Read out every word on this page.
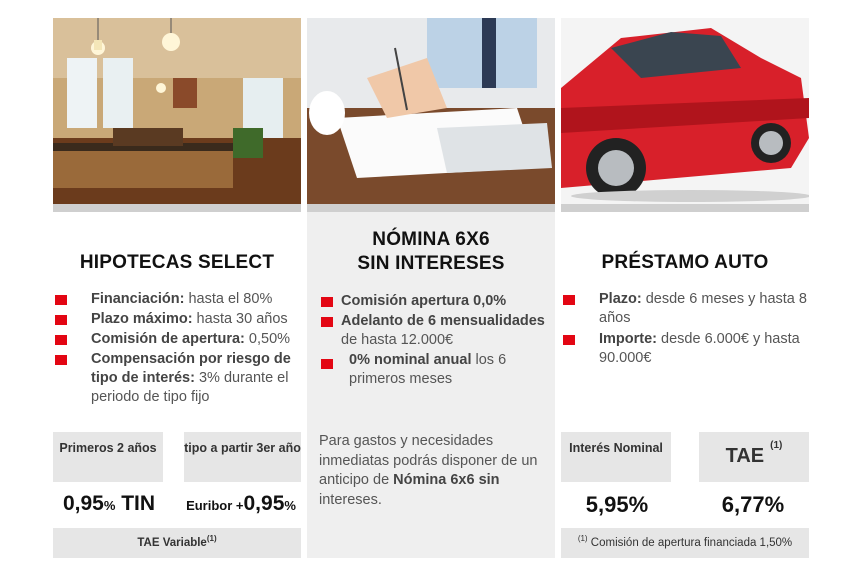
HIPOTECAS SELECT
Financiación: hasta el 80%
Plazo máximo: hasta 30 años
Comisión de apertura: 0,50%
Compensación por riesgo de tipo de interés: 3% durante el periodo de tipo fijo
Primeros 2 años	tipo a partir 3er año
0,95% TIN	Euribor +0,95%
TAE Variable$^{(1)}$
NÓMINA 6X6
SIN INTERESES
Comisión apertura 0,0%
Adelanto de 6 mensualidades de hasta 12.000€
0% nominal anual los 6 primeros meses
Para gastos y necesidades inmediatas podrás disponer de un anticipo de Nómina 6x6 sin intereses.
PRÉSTAMO AUTO
Plazo: desde 6 meses y hasta 8 años
Importe: desde 6.000€ y hasta 90.000€
Interés Nominal	TAE $^{(1)}$
5,95%	6,77%
$^{(1)}$ Comisión de apertura financiada 1,50%
